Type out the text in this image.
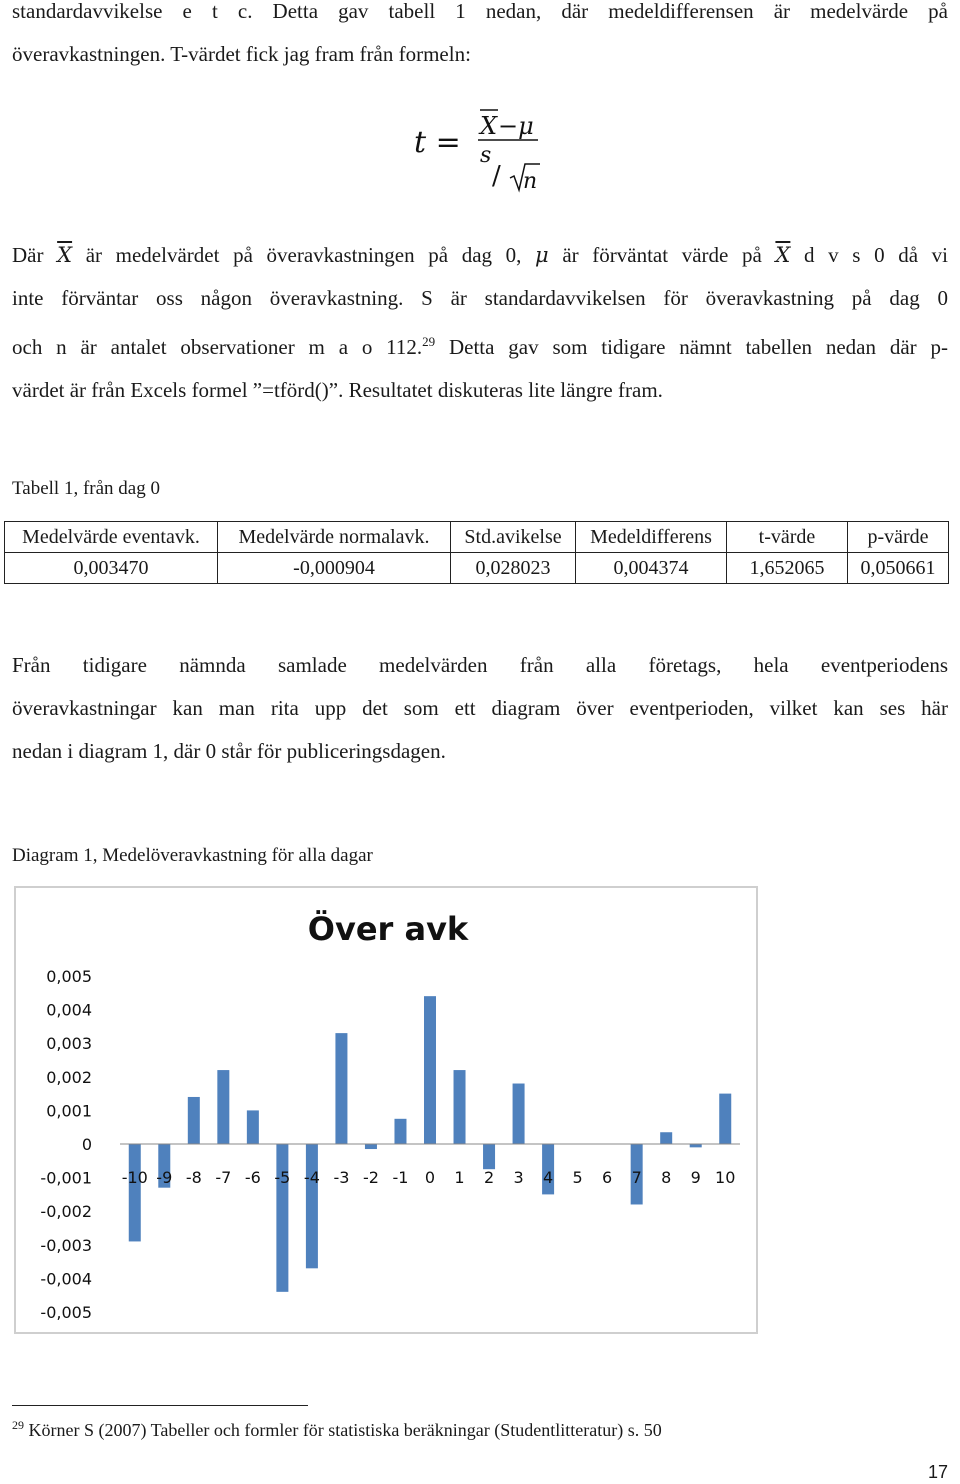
standardavvikelse e t c. Detta gav tabell 1 nedan, där medeldifferensen är medelvärde på
överavkastningen. T-värdet fick jag fram från formeln:
t = X −μ
s
/ n
Där $\overline{X}$ är medelvärdet på överavkastningen på dag 0, μ är förväntat värde på $\overline{X}$ d v s 0 då vi
inte förväntar oss någon överavkastning. S är standardavvikelsen för överavkastning på dag 0
och n är antalet observationer m a o 112.29 Detta gav som tidigare nämnt tabellen nedan där p-
värdet är från Excels formel ”=tförd()”. Resultatet diskuteras lite längre fram.
Tabell 1, från dag 0
Medelvärde eventavk.	Medelvärde normalavk.	Std.avikelse	Medeldifferens	t-värde	p-värde
0,003470	-0,000904	0,028023	0,004374	1,652065	0,050661
Från tidigare nämnda samlade medelvärden från alla företags, hela eventperiodens
överavkastningar kan man rita upp det som ett diagram över eventperioden, vilket kan ses här
nedan i diagram 1, där 0 står för publiceringsdagen.
Diagram 1, Medelöveravkastning för alla dagar
Över avk
0,005
0,004
0,003
0,002
0,001
0
-0,001
-0,002
-0,003
-0,004
-0,005
-10 -9 -8 -7 -6 -5 -4 -3 -2 -1 0 1 2 3 4 5 6 7 8 9 10
$^{29}$ Körner S (2007) Tabeller och formler för statistiska beräkningar (Studentlitteratur) s. 50
17
